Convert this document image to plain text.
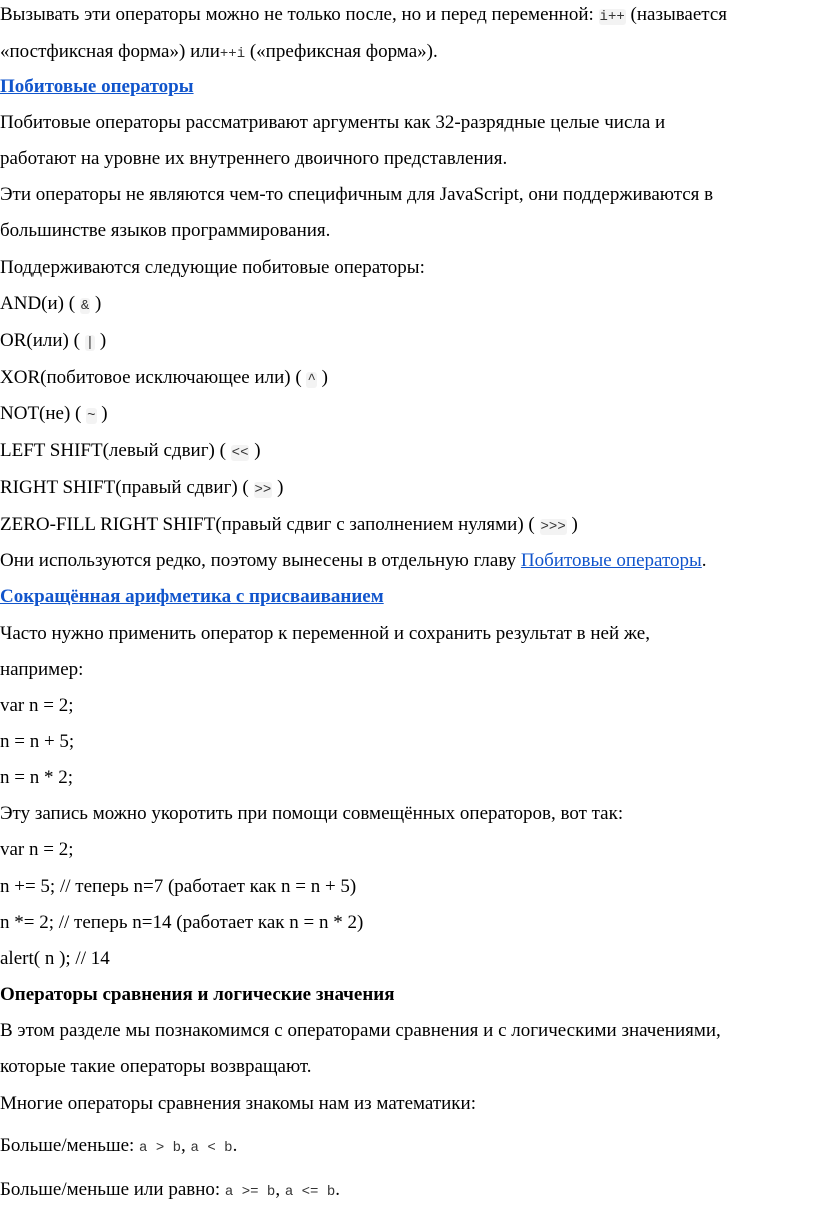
Вызывать эти операторы можно не только после, но и перед переменной: i++ (называется
«постфиксная форма») или++i («префиксная форма»).
Побитовые операторы
Побитовые операторы рассматривают аргументы как 32-разрядные целые числа и
работают на уровне их внутреннего двоичного представления.
Эти операторы не являются чем-то специфичным для JavaScript, они поддерживаются в
большинстве языков программирования.
Поддерживаются следующие побитовые операторы:
AND(и) ( & )
OR(или) ( | )
XOR(побитовое исключающее или) ( ^ )
NOT(не) ( ~ )
LEFT SHIFT(левый сдвиг) ( << )
RIGHT SHIFT(правый сдвиг) ( >> )
ZERO-FILL RIGHT SHIFT(правый сдвиг с заполнением нулями) ( >>> )
Они используются редко, поэтому вынесены в отдельную главу Побитовые операторы.
Сокращённая арифметика с присваиванием
Часто нужно применить оператор к переменной и сохранить результат в ней же,
например:
var n = 2;
n = n + 5;
n = n * 2;
Эту запись можно укоротить при помощи совмещённых операторов, вот так:
var n = 2;
n += 5; // теперь n=7 (работает как n = n + 5)
n *= 2; // теперь n=14 (работает как n = n * 2)
alert( n ); // 14
Операторы сравнения и логические значения
В этом разделе мы познакомимся с операторами сравнения и с логическими значениями,
которые такие операторы возвращают.
Многие операторы сравнения знакомы нам из математики:
Больше/меньше: a > b, a < b.
Больше/меньше или равно: a >= b, a <= b.
